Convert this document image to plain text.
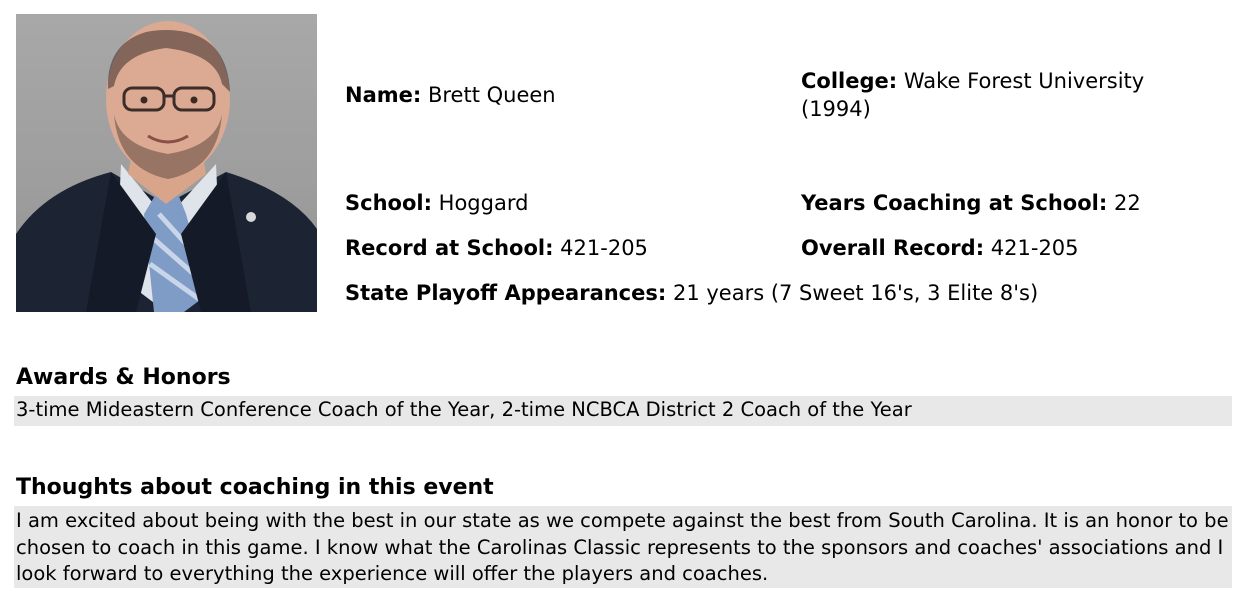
Name: Brett Queen
College: Wake Forest University (1994)
School: Hoggard	Years Coaching at School: 22
Record at School: 421-205	Overall Record: 421-205
State Playoff Appearances: 21 years (7 Sweet 16's, 3 Elite 8's)
Awards & Honors
3-time Mideastern Conference Coach of the Year, 2-time NCBCA District 2 Coach of the Year
Thoughts about coaching in this event
I am excited about being with the best in our state as we compete against the best from South Carolina. It is an honor to be chosen to coach in this game. I know what the Carolinas Classic represents to the sponsors and coaches' associations and I look forward to everything the experience will offer the players and coaches.
